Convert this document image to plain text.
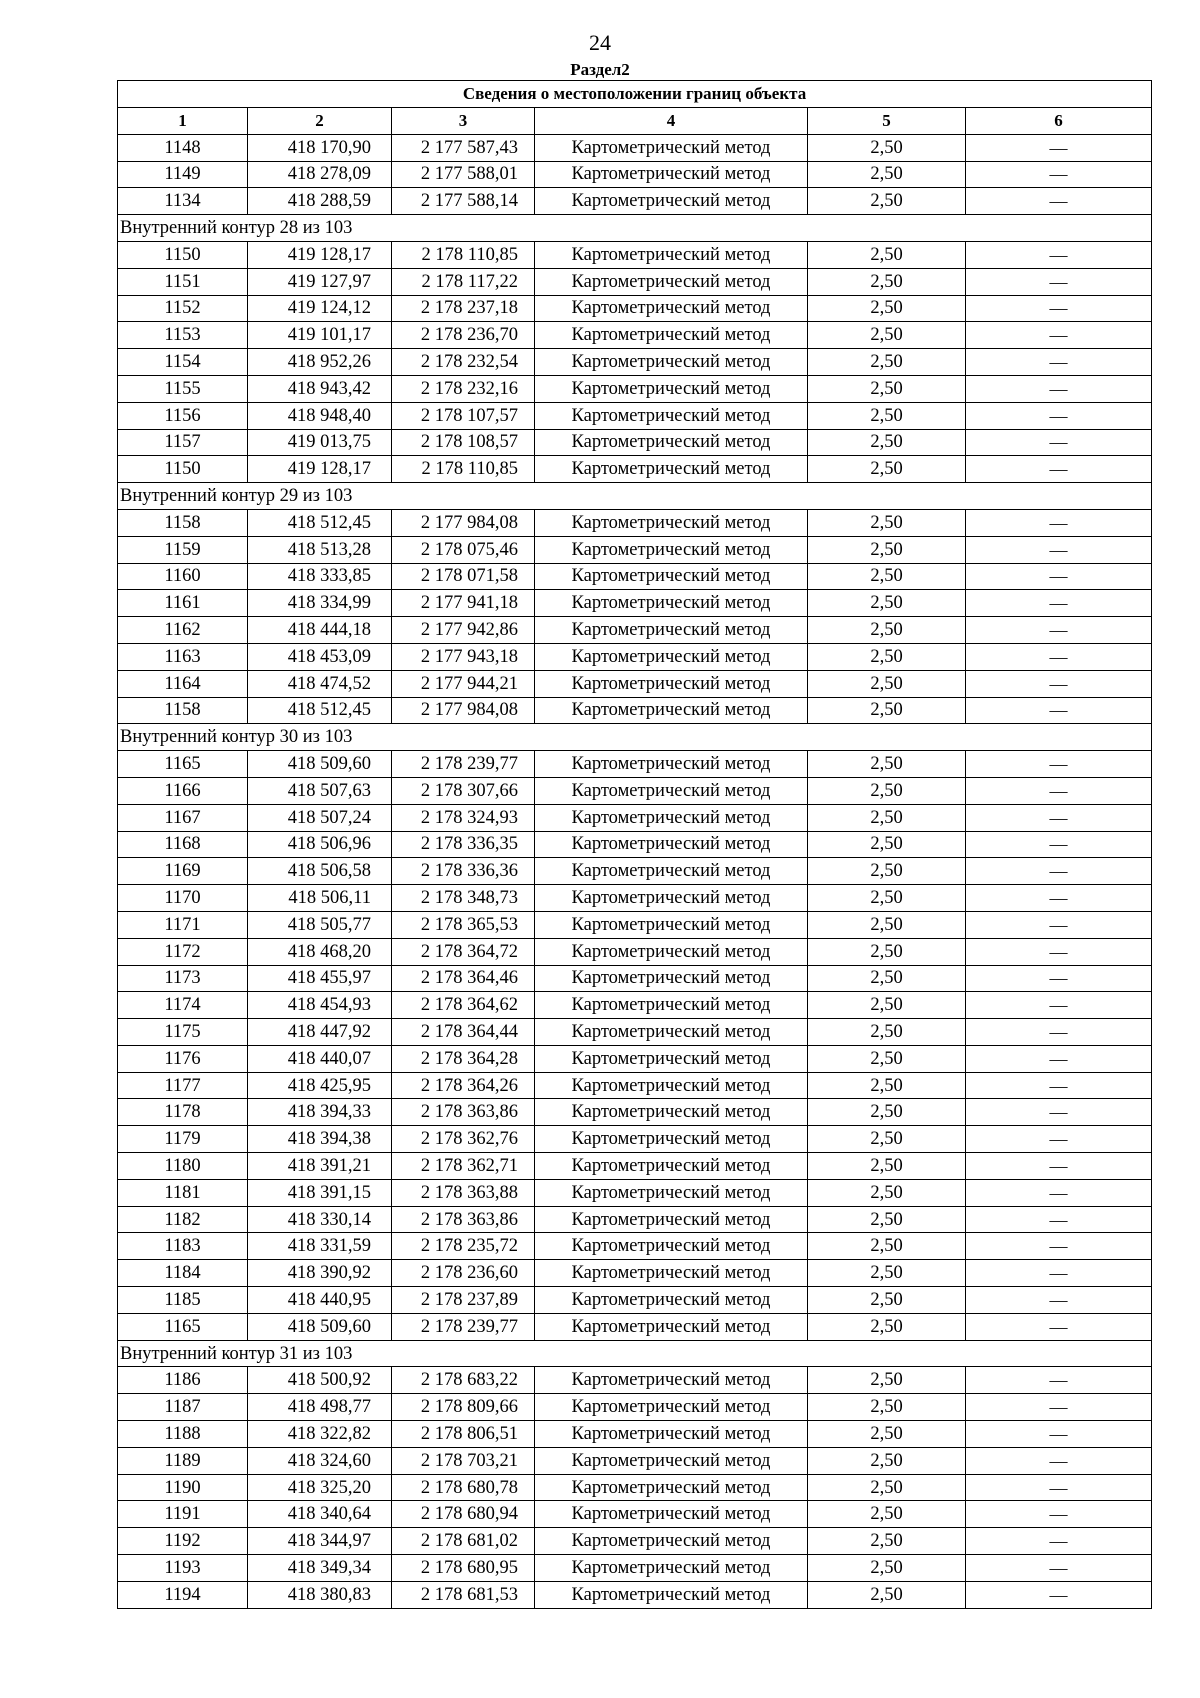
24
Раздел2
Сведения о местоположении границ объекта					
1	2	3	4	5	6
1148	418 170,90	2 177 587,43	Картометрический метод	2,50	—
1149	418 278,09	2 177 588,01	Картометрический метод	2,50	—
1134	418 288,59	2 177 588,14	Картометрический метод	2,50	—
Внутренний контур 28 из 103					
1150	419 128,17	2 178 110,85	Картометрический метод	2,50	—
1151	419 127,97	2 178 117,22	Картометрический метод	2,50	—
1152	419 124,12	2 178 237,18	Картометрический метод	2,50	—
1153	419 101,17	2 178 236,70	Картометрический метод	2,50	—
1154	418 952,26	2 178 232,54	Картометрический метод	2,50	—
1155	418 943,42	2 178 232,16	Картометрический метод	2,50	—
1156	418 948,40	2 178 107,57	Картометрический метод	2,50	—
1157	419 013,75	2 178 108,57	Картометрический метод	2,50	—
1150	419 128,17	2 178 110,85	Картометрический метод	2,50	—
Внутренний контур 29 из 103					
1158	418 512,45	2 177 984,08	Картометрический метод	2,50	—
1159	418 513,28	2 178 075,46	Картометрический метод	2,50	—
1160	418 333,85	2 178 071,58	Картометрический метод	2,50	—
1161	418 334,99	2 177 941,18	Картометрический метод	2,50	—
1162	418 444,18	2 177 942,86	Картометрический метод	2,50	—
1163	418 453,09	2 177 943,18	Картометрический метод	2,50	—
1164	418 474,52	2 177 944,21	Картометрический метод	2,50	—
1158	418 512,45	2 177 984,08	Картометрический метод	2,50	—
Внутренний контур 30 из 103					
1165	418 509,60	2 178 239,77	Картометрический метод	2,50	—
1166	418 507,63	2 178 307,66	Картометрический метод	2,50	—
1167	418 507,24	2 178 324,93	Картометрический метод	2,50	—
1168	418 506,96	2 178 336,35	Картометрический метод	2,50	—
1169	418 506,58	2 178 336,36	Картометрический метод	2,50	—
1170	418 506,11	2 178 348,73	Картометрический метод	2,50	—
1171	418 505,77	2 178 365,53	Картометрический метод	2,50	—
1172	418 468,20	2 178 364,72	Картометрический метод	2,50	—
1173	418 455,97	2 178 364,46	Картометрический метод	2,50	—
1174	418 454,93	2 178 364,62	Картометрический метод	2,50	—
1175	418 447,92	2 178 364,44	Картометрический метод	2,50	—
1176	418 440,07	2 178 364,28	Картометрический метод	2,50	—
1177	418 425,95	2 178 364,26	Картометрический метод	2,50	—
1178	418 394,33	2 178 363,86	Картометрический метод	2,50	—
1179	418 394,38	2 178 362,76	Картометрический метод	2,50	—
1180	418 391,21	2 178 362,71	Картометрический метод	2,50	—
1181	418 391,15	2 178 363,88	Картометрический метод	2,50	—
1182	418 330,14	2 178 363,86	Картометрический метод	2,50	—
1183	418 331,59	2 178 235,72	Картометрический метод	2,50	—
1184	418 390,92	2 178 236,60	Картометрический метод	2,50	—
1185	418 440,95	2 178 237,89	Картометрический метод	2,50	—
1165	418 509,60	2 178 239,77	Картометрический метод	2,50	—
Внутренний контур 31 из 103					
1186	418 500,92	2 178 683,22	Картометрический метод	2,50	—
1187	418 498,77	2 178 809,66	Картометрический метод	2,50	—
1188	418 322,82	2 178 806,51	Картометрический метод	2,50	—
1189	418 324,60	2 178 703,21	Картометрический метод	2,50	—
1190	418 325,20	2 178 680,78	Картометрический метод	2,50	—
1191	418 340,64	2 178 680,94	Картометрический метод	2,50	—
1192	418 344,97	2 178 681,02	Картометрический метод	2,50	—
1193	418 349,34	2 178 680,95	Картометрический метод	2,50	—
1194	418 380,83	2 178 681,53	Картометрический метод	2,50	—
